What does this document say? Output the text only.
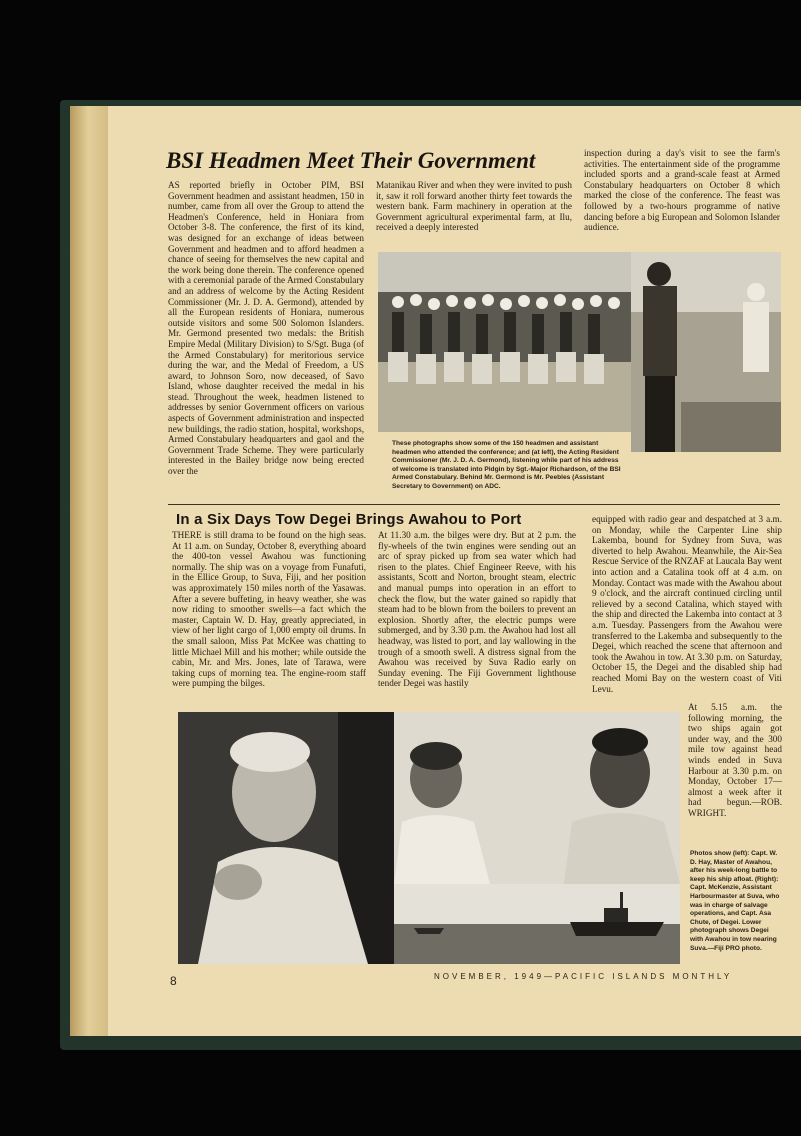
BSI Headmen Meet Their Government
AS reported briefly in October PIM, BSI Government headmen and assistant headmen, 150 in number, came from all over the Group to attend the Headmen's Conference, held in Honiara from October 3-8. The conference, the first of its kind, was designed for an exchange of ideas between Government and headmen and to afford headmen a chance of seeing for themselves the new capital and the work being done therein. The conference opened with a ceremonial parade of the Armed Constabulary and an address of welcome by the Acting Resident Commissioner (Mr. J. D. A. Germond), attended by all the European residents of Honiara, numerous outside visitors and some 500 Solomon Islanders. Mr. Germond presented two medals: the British Empire Medal (Military Division) to S/Sgt. Buga (of the Armed Constabulary) for meritorious service during the war, and the Medal of Freedom, a US award, to Johnson Soro, now deceased, of Savo Island, whose daughter received the medal in his stead. Throughout the week, headmen listened to addresses by senior Government officers on various aspects of Government administration and inspected new buildings, the radio station, hospital, workshops, Armed Constabulary headquarters and gaol and the Government Trade Scheme. They were particularly interested in the Bailey bridge now being erected over the
Matanikau River and when they were invited to push it, saw it roll forward another thirty feet towards the western bank. Farm machinery in operation at the Government agricultural experimental farm, at Ilu, received a deeply interested
inspection during a day's visit to see the farm's activities. The entertainment side of the programme included sports and a grand-scale feast at Armed Constabulary headquarters on October 8 which marked the close of the conference. The feast was followed by a two-hours programme of native dancing before a big European and Solomon Islander audience.
These photographs show some of the 150 headmen and assistant headmen who attended the conference; and (at left), the Acting Resident Commissioner (Mr. J. D. A. Germond), listening while part of his address of welcome is translated into Pidgin by Sgt.-Major Richardson, of the BSI Armed Constabulary. Behind Mr. Germond is Mr. Peebles (Assistant Secretary to Government) on ADC.
In a Six Days Tow Degei Brings Awahou to Port
THERE is still drama to be found on the high seas. At 11 a.m. on Sunday, October 8, everything aboard the 400-ton vessel Awahou was functioning normally. The ship was on a voyage from Funafuti, in the Ellice Group, to Suva, Fiji, and her position was approximately 150 miles north of the Yasawas. After a severe buffeting, in heavy weather, she was now riding to smoother swells—a fact which the master, Captain W. D. Hay, greatly appreciated, in view of her light cargo of 1,000 empty oil drums. In the small saloon, Miss Pat McKee was chatting to little Michael Mill and his mother; while outside the cabin, Mr. and Mrs. Jones, late of Tarawa, were taking cups of morning tea. The engine-room staff were pumping the bilges.
At 11.30 a.m. the bilges were dry. But at 2 p.m. the fly-wheels of the twin engines were sending out an arc of spray picked up from sea water which had risen to the plates. Chief Engineer Reeve, with his assistants, Scott and Norton, brought steam, electric and manual pumps into operation in an effort to check the flow, but the water gained so rapidly that steam had to be blown from the boilers to prevent an explosion. Shortly after, the electric pumps were submerged, and by 3.30 p.m. the Awahou had lost all headway, was listed to port, and lay wallowing in the trough of a smooth swell. A distress signal from the Awahou was received by Suva Radio early on Sunday evening. The Fiji Government lighthouse tender Degei was hastily
equipped with radio gear and despatched at 3 a.m. on Monday, while the Carpenter Line ship Lakemba, bound for Sydney from Suva, was diverted to help Awahou. Meanwhile, the Air-Sea Rescue Service of the RNZAF at Laucala Bay went into action and a Catalina took off at 4 a.m. on Monday. Contact was made with the Awahou about 9 o'clock, and the aircraft continued circling until relieved by a second Catalina, which stayed with the ship and directed the Lakemba into contact at 3 a.m. Tuesday. Passengers from the Awahou were transferred to the Lakemba and subsequently to the Degei, which reached the scene that afternoon and took the Awahou in tow. At 3.30 p.m. on Saturday, October 15, the Degei and the disabled ship had reached Momi Bay on the western coast of Viti Levu.
At 5.15 a.m. the following morning, the two ships again got under way, and the 300 mile tow against head winds ended in Suva Harbour at 3.30 p.m. on Monday, October 17—almost a week after it had begun.—ROB. WRIGHT.
Photos show (left): Capt. W. D. Hay, Master of Awahou, after his week-long battle to keep his ship afloat. (Right): Capt. McKenzie, Assistant Harbourmaster at Suva, who was in charge of salvage operations, and Capt. Asa Chute, of Degei. Lower photograph shows Degei with Awahou in tow nearing Suva.—Fiji PRO photo.
8	NOVEMBER, 1949—PACIFIC ISLANDS MONTHLY
